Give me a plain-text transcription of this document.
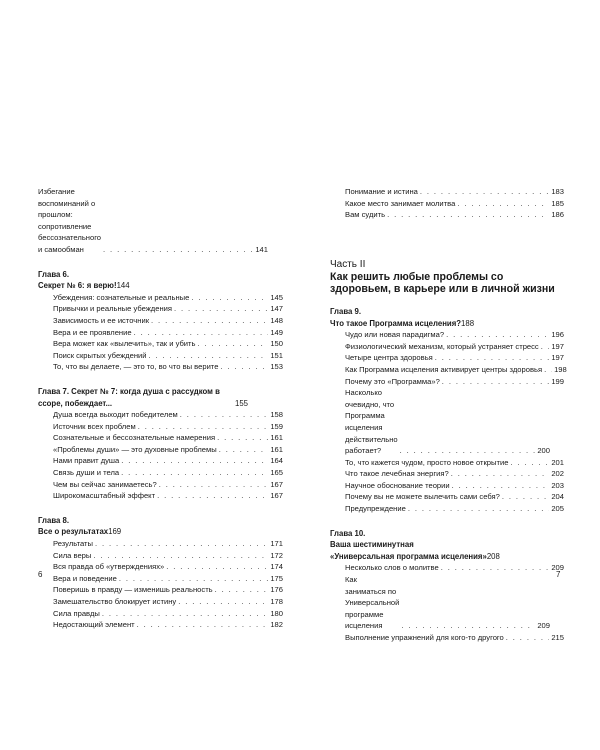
Избегание воспоминаний о прошлом:
сопротивление бессознательного и самообман . . .	141
Глава 6.
Секрет № 6: я верю! 144
Убеждения: сознательные и реальные . . .	145
Привычки и реальные убеждения . . .	147
Зависимость и ее источник . . .	148
Вера и ее проявление . . .	149
Вера может как «вылечить», так и убить . . .	150
Поиск скрытых убеждений . . .	151
То, что вы делаете, — это то, во что вы верите . . .	153
Глава 7. Секрет № 7: когда душа с рассудком в ссоре, побеждает...	155
Душа всегда выходит победителем . . .	158
Источник всех проблем . . .	159
Сознательные и бессознательные намерения . . .	161
«Проблемы души» — это духовные проблемы . . .	161
Нами правит душа . . .	164
Связь души и тела . . .	165
Чем вы сейчас занимаетесь? . . .	167
Широкомасштабный эффект . . .	167
Глава 8.
Все о результатах 169
Результаты . . .	171
Сила веры . . .	172
Вся правда об «утверждениях» . . .	174
Вера и поведение . . .	175
Поверишь в правду — изменишь реальность . . .	176
Замешательство блокирует истину . . .	178
Сила правды . . .	180
Недостающий элемент . . .	182
Понимание и истина . . .	183
Какое место занимает молитва . . .	185
Вам судить . . .	186
Часть II
Как решить любые проблемы со здоровьем, в карьере или в личной жизни
Глава 9.
Что такое Программа исцеления? 188
Чудо или новая парадигма? . . .	196
Физиологический механизм, который устраняет стресс . . . 197
Четыре центра здоровья . . .	197
Как Программа исцеления активирует центры здоровья . . . 198
Почему это «Программа»? . . .	199
Насколько очевидно, что Программа исцеления действительно работает? . . .	200
То, что кажется чудом, просто новое открытие . . .	201
Что такое лечебная энергия? . . .	202
Научное обоснование теории . . .	203
Почему вы не можете вылечить сами себя? . . .	204
Предупреждение . . .	205
Глава 10.
Ваша шестиминутная
«Универсальная программа исцеления» 208
Несколько слов о молитве . . .	209
Как заниматься по Универсальной программе исцеления . . .	209
Выполнение упражнений для кого-то другого . . .	215
6	7
